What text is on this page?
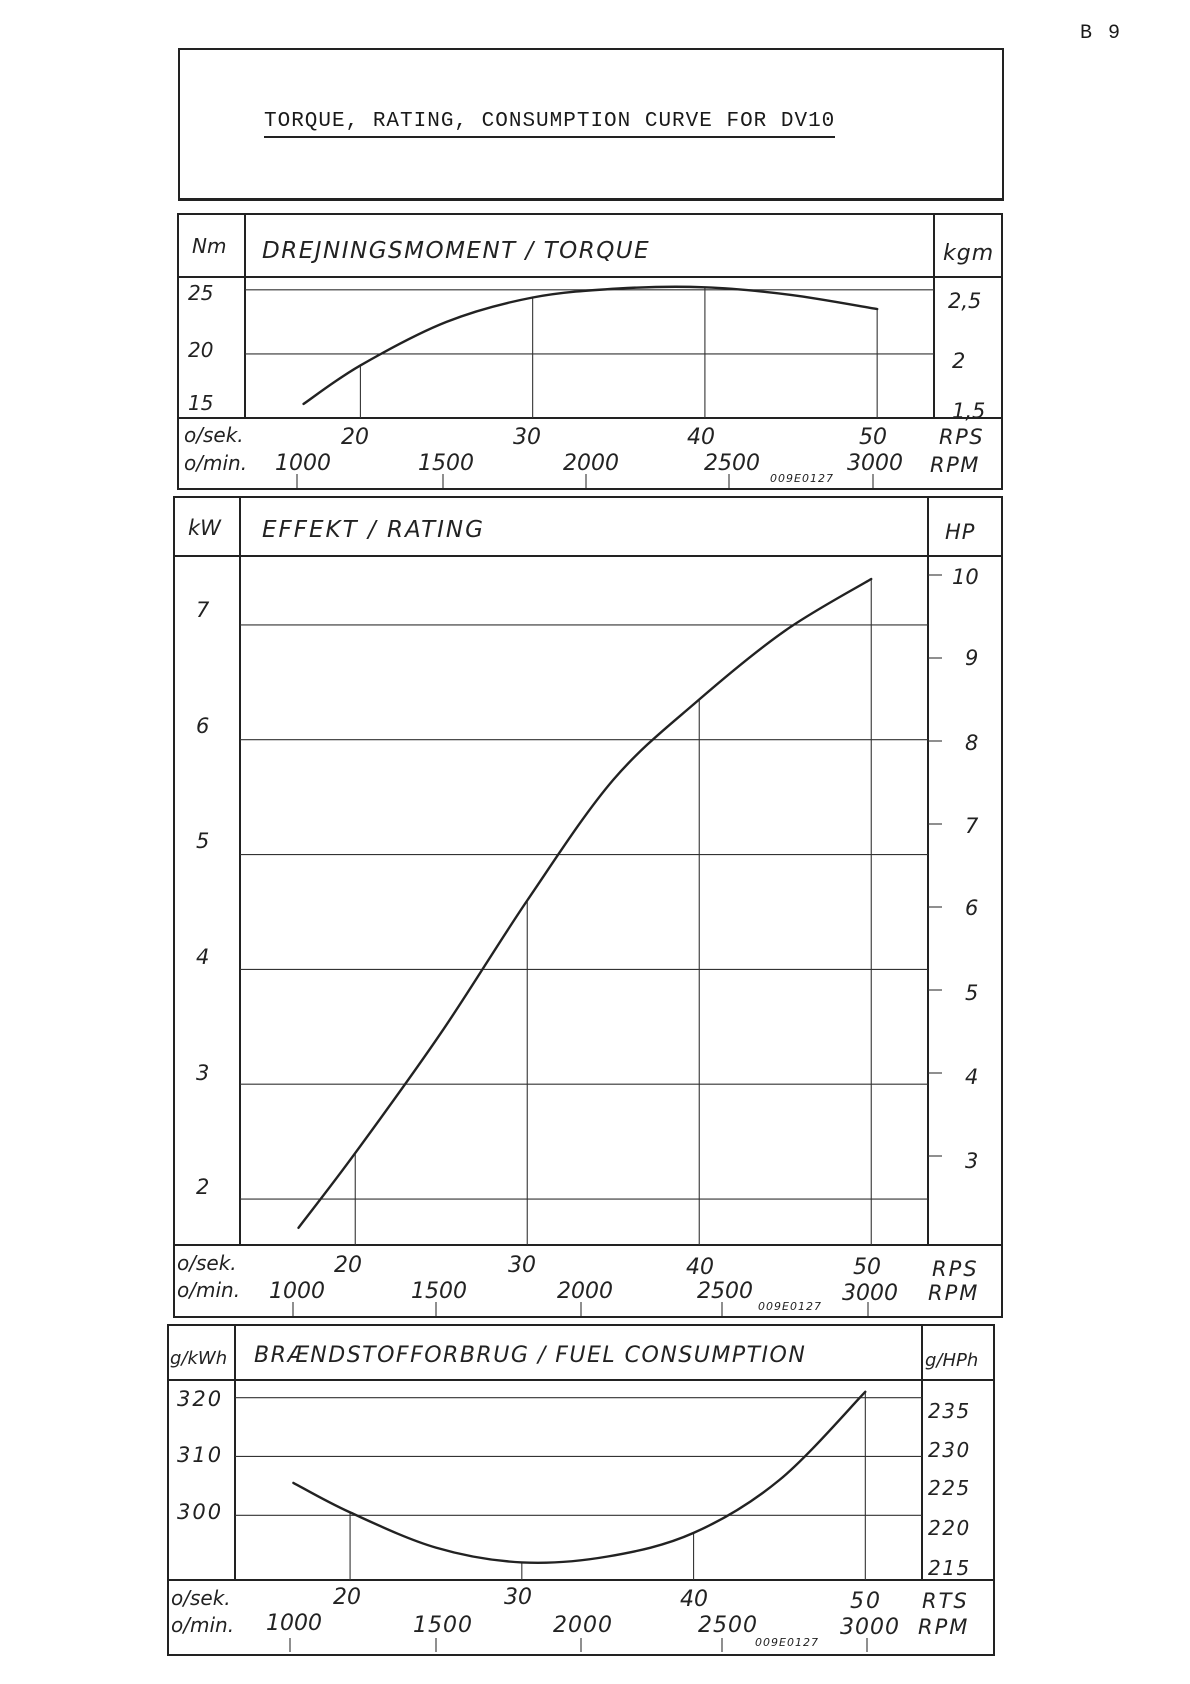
B 9
TORQUE, RATING, CONSUMPTION CURVE FOR DV10
Nm DREJNINGSMOMENT / TORQUE	kgm
25
20
15
2,5
2
1,5
o/sek.
o/min.
20	30	40	50 RPS
1000	1500	2000	2500	3000 RPM
009E0127
kW EFFEKT / RATING	HP
7
6
5
4
3
2
10
9
8
7
6
5
4
3
o/sek.
o/min.
20	30	40	50 RPS
1000	1500	2000	2500	3000 RPM
009E0127
g/kWh BRÆNDSTOFFORBRUG / FUEL CONSUMPTION	g/HPh
320
310
300
235
230
225
220
215
o/sek.
o/min.
20	30	40	50 RTS
1000	1500	2000	2500	3000 RPM
009E0127
